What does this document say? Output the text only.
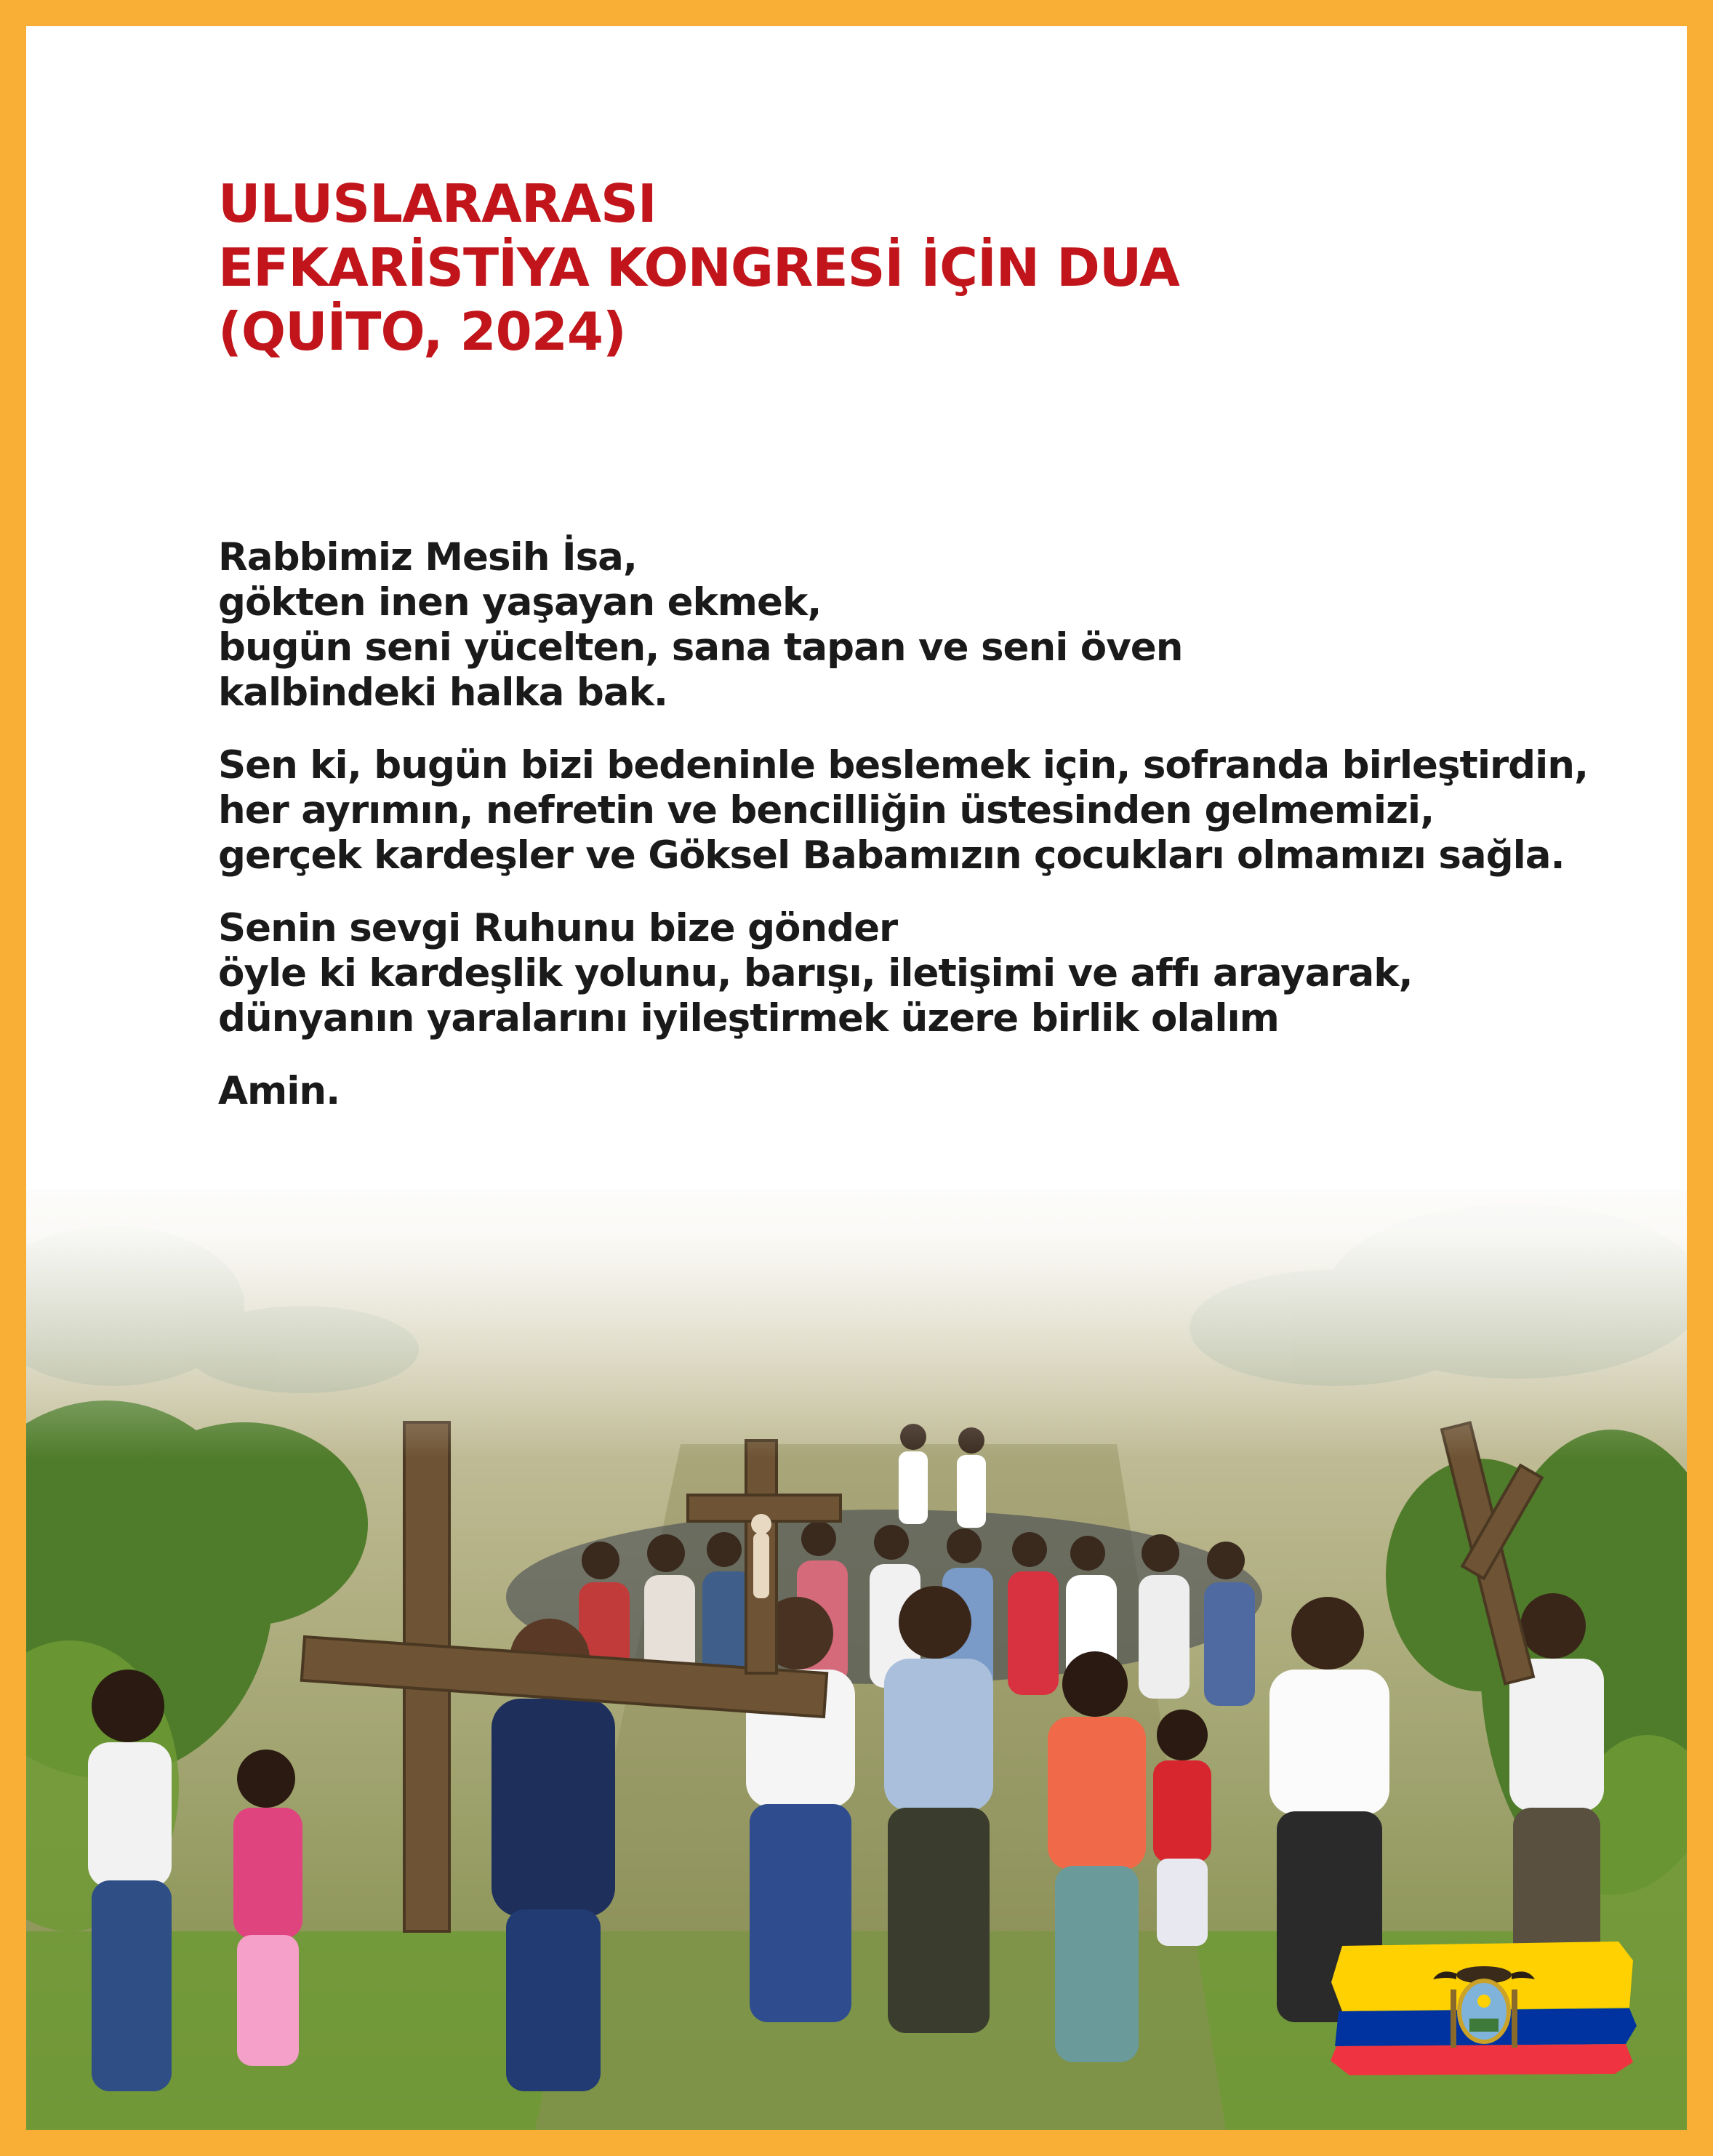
ULUSLARARASI
EFKARİSTİYA KONGRESİ İÇİN DUA
(QUİTO, 2024)
Rabbimiz Mesih İsa,
gökten inen yaşayan ekmek,
bugün seni yücelten, sana tapan ve seni öven
kalbindeki halka bak.
Sen ki, bugün bizi bedeninle beslemek için, sofranda birleştirdin,
her ayrımın, nefretin ve bencilliğin üstesinden gelmemizi,
gerçek kardeşler ve Göksel Babamızın çocukları olmamızı sağla.
Senin sevgi Ruhunu bize gönder
öyle ki kardeşlik yolunu, barışı, iletişimi ve affı arayarak,
dünyanın yaralarını iyileştirmek üzere birlik olalım
Amin.
